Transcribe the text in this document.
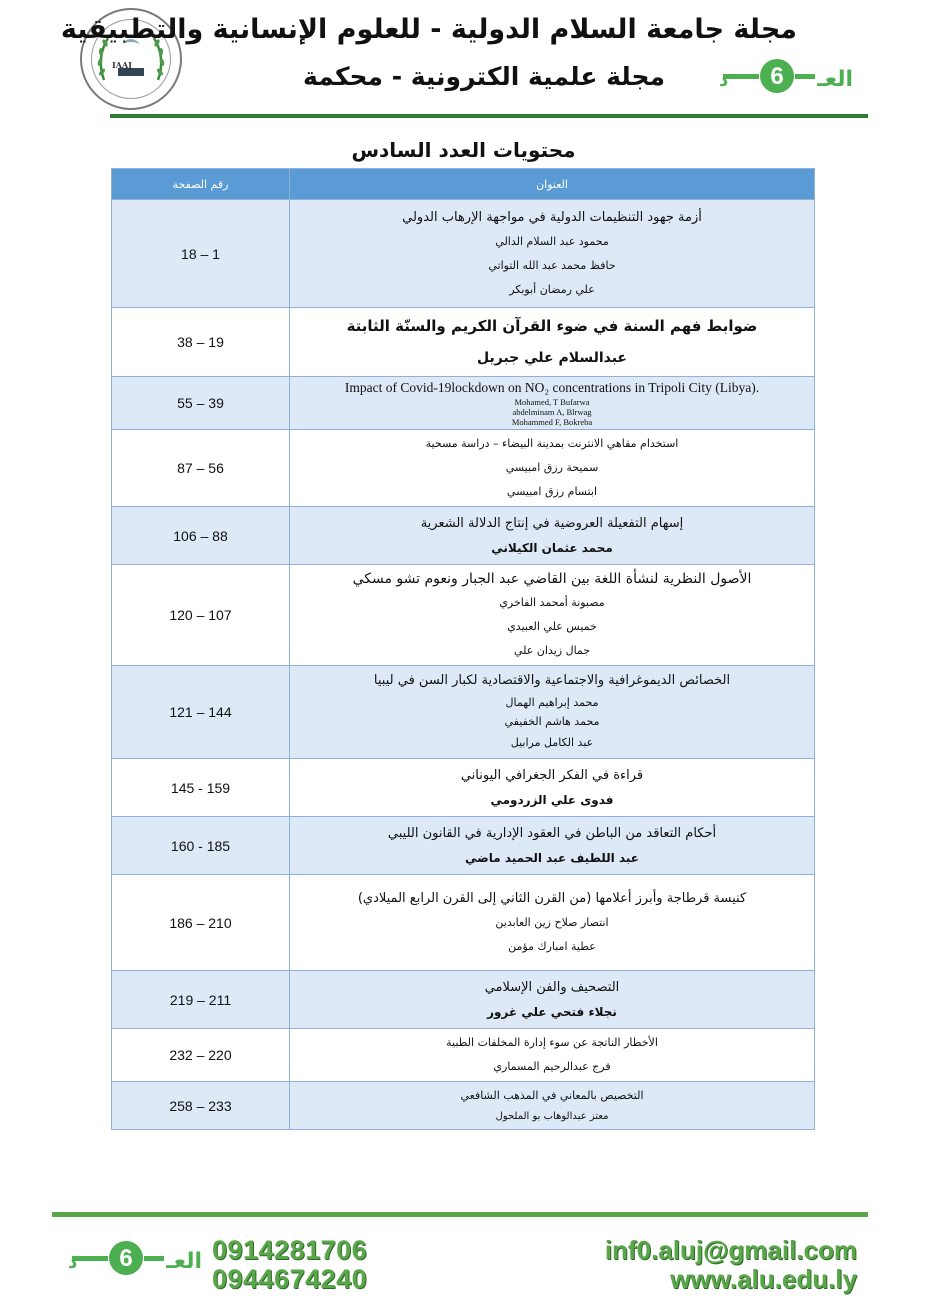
IAAJ
مجلة جامعة السلام الدولية - للعلوم الإنسانية والتطبيقية
مجلة علمية الكترونية - محكمة	6 العـ
د
محتويات العدد السادس
العنوان	رقم الصفحة

أزمة جهود التنظيمات الدولية في مواجهة الإرهاب الدولي
محمود عبد السلام الدالي
حافظ محمد عبد الله التواتي
علي رمضان أبوبكر	18 – 1

ضوابط فهم السنة في ضوء القرآن الكريم والسنّة الثابتة
عبدالسلام علي جبريل	38 – 19

Impact of Covid-19lockdown on NO₂ concentrations in Tripoli City (Libya).
Mohamed, T Bufarwa
abdelminam A, Blrwag
Mohammed F, Bokreba	55 – 39

استخدام مقاهي الانترنت بمدينة البيضاء – دراسة مسحية
سميحة رزق امبيسي
ابتسام رزق امبيسي	87 – 56

إسهام التفعيلة العروضية في إنتاج الدلالة الشعرية
محمد عثمان الكيلاني	106 – 88

الأصول النظرية لنشأة اللغة بين القاضي عبد الجبار ونعوم تشو مسكي
مصبونة أمحمد الفاخري
خميس علي العبيدي
جمال زيدان علي	120 – 107

الخصائص الديموغرافية والاجتماعية والاقتصادية لكبار السن في ليبيا
محمد إبراهيم الهمال
محمد هاشم الخفيفي
عبد الكامل مرابيل	121 – 144

قراءة في الفكر الجغرافي اليوناني
فدوى علي الزردومي	145 - 159

أحكام التعاقد من الباطن في العقود الإدارية في القانون الليبي
عبد اللطيف عبد الحميد ماضي	160 - 185

كنيسة قرطاجة وأبرز أعلامها (من القرن الثاني إلى القرن الرابع الميلادي)
انتصار صلاح زين العابدين
عطية امبارك مؤمن	186 – 210

التصحيف والفن الإسلامي
نجلاء فتحي علي غرور	219 – 211

الأخطار الناتجة عن سوء إدارة المخلفات الطبية
فرج عبدالرحيم المسماري	232 – 220

التخصيص بالمعاني في المذهب الشافعي
معتز عبدالوهاب بو الملحول	258 – 233
6 العـ
د	0914281706
0944674240
inf0.aluj@gmail.com
www.alu.edu.ly
